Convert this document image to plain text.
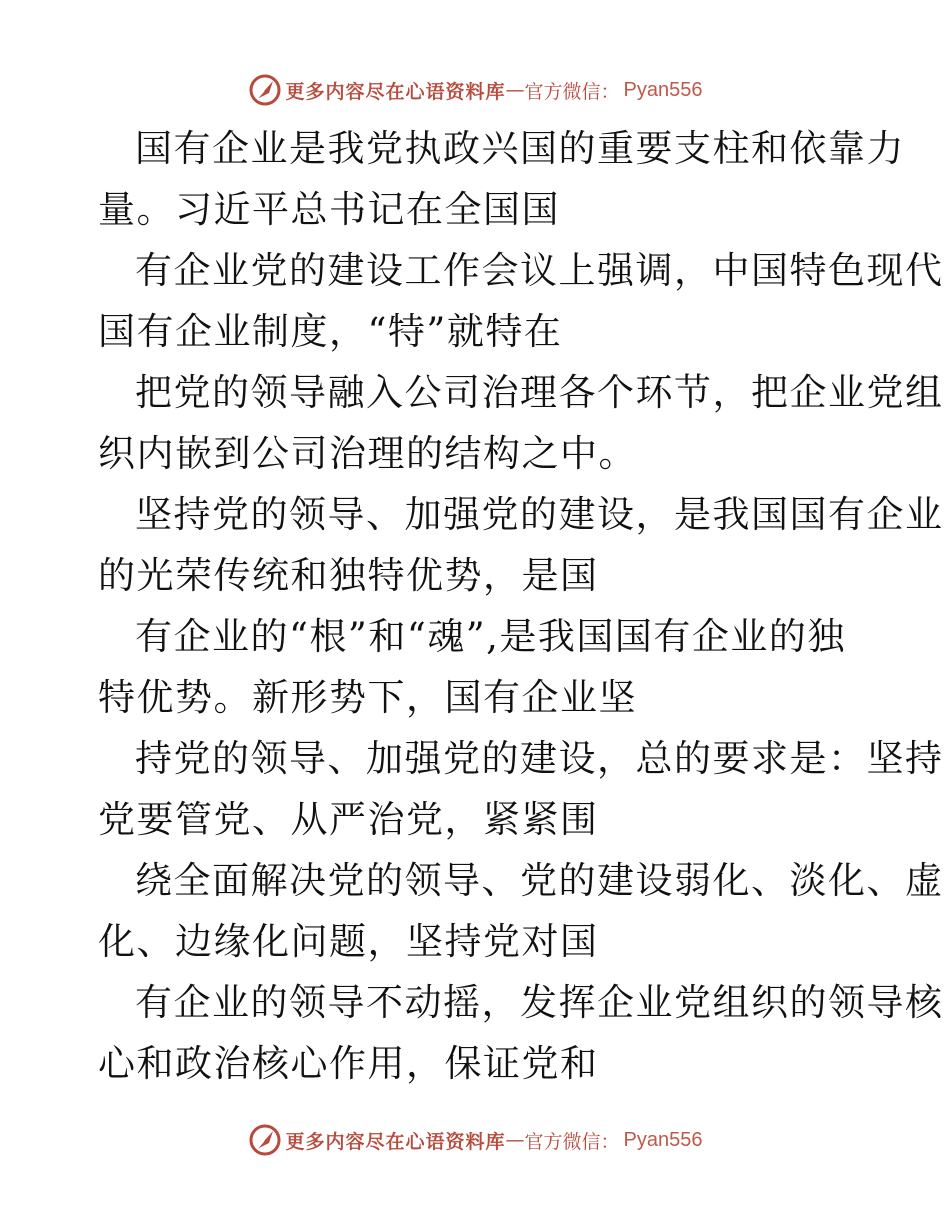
更多内容尽在心语资料库 — 官方微信： Pyan556

国有企业是我党执政兴国的重要支柱和依靠力
量。习近平总书记在全国国

有企业党的建设工作会议上强调，中国特色现代
国有企业制度，“特”就特在

把党的领导融入公司治理各个环节，把企业党组
织内嵌到公司治理的结构之中。

坚持党的领导、加强党的建设，是我国国有企业
的光荣传统和独特优势，是国

有企业的“根”和“魂”,是我国国有企业的独
特优势。新形势下，国有企业坚

持党的领导、加强党的建设，总的要求是：坚持
党要管党、从严治党，紧紧围

绕全面解决党的领导、党的建设弱化、淡化、虚
化、边缘化问题，坚持党对国

有企业的领导不动摇，发挥企业党组织的领导核
心和政治核心作用，保证党和

更多内容尽在心语资料库 — 官方微信： Pyan556
